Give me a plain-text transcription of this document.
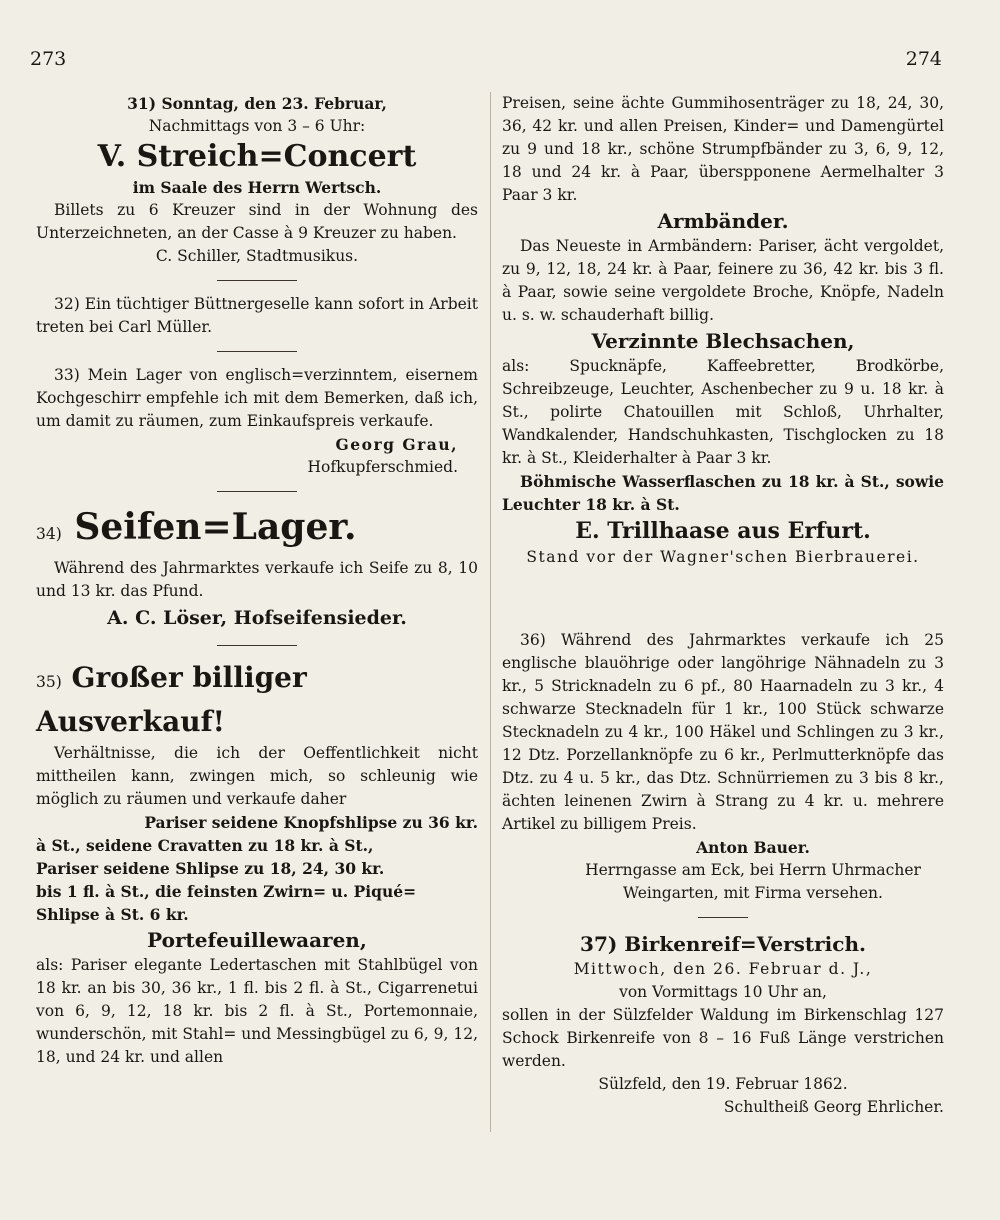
273	274

31) Sonntag, den 23. Februar,

Nachmittags von 3 – 6 Uhr:

V. Streich=Concert

im Saale des Herrn Wertsch.

Billets zu 6 Kreuzer sind in der Wohnung des Unterzeichneten, an der Casse à 9 Kreuzer zu haben.

C. Schiller, Stadtmusikus.

32) Ein tüchtiger Büttnergeselle kann sofort in Arbeit treten bei Carl Müller.

33) Mein Lager von englisch=verzinntem, eisernem Kochgeschirr empfehle ich mit dem Bemerken, daß ich, um damit zu räumen, zum Einkaufspreis verkaufe.

Georg Grau,

Hofkupferschmied.

34) Seifen=Lager.

Während des Jahrmarktes verkaufe ich Seife zu 8, 10 und 13 kr. das Pfund.

A. C. Löser, Hofseifensieder.

35) Großer billiger Ausverkauf!

Verhältnisse, die ich der Oeffentlichkeit nicht mittheilen kann, zwingen mich, so schleunig wie möglich zu räumen und verkaufe daher

Pariser seidene Knopfshlipse zu 36 kr.

à St., seidene Cravatten zu 18 kr. à St.,

Pariser seidene Shlipse zu 18, 24, 30 kr.

bis 1 fl. à St., die feinsten Zwirn= u. Piqué=

Shlipse à St. 6 kr.

Portefeuillewaaren,

als: Pariser elegante Ledertaschen mit Stahlbügel von 18 kr. an bis 30, 36 kr., 1 fl. bis 2 fl. à St., Cigarrenetui von 6, 9, 12, 18 kr. bis 2 fl. à St., Portemonnaie, wunderschön, mit Stahl= und Messingbügel zu 6, 9, 12, 18, und 24 kr. und allen

Preisen, seine ächte Gummihosenträger zu 18, 24, 30, 36, 42 kr. und allen Preisen, Kinder= und Damengürtel zu 9 und 18 kr., schöne Strumpfbänder zu 3, 6, 9, 12, 18 und 24 kr. à Paar, überspponene Aermelhalter 3 Paar 3 kr.

Armbänder.

Das Neueste in Armbändern: Pariser, ächt vergoldet, zu 9, 12, 18, 24 kr. à Paar, feinere zu 36, 42 kr. bis 3 fl. à Paar, sowie seine vergoldete Broche, Knöpfe, Nadeln u. s. w. schauderhaft billig.

Verzinnte Blechsachen,

als: Spucknäpfe, Kaffeebretter, Brodkörbe, Schreibzeuge, Leuchter, Aschenbecher zu 9 u. 18 kr. à St., polirte Chatouillen mit Schloß, Uhrhalter, Wandkalender, Handschuhkasten, Tischglocken zu 18 kr. à St., Kleiderhalter à Paar 3 kr.

Böhmische Wasserflaschen zu 18 kr. à St., sowie Leuchter 18 kr. à St.

E. Trillhaase aus Erfurt.

Stand vor der Wagner'schen Bierbrauerei.

36) Während des Jahrmarktes verkaufe ich 25 englische blauöhrige oder langöhrige Nähnadeln zu 3 kr., 5 Stricknadeln zu 6 pf., 80 Haarnadeln zu 3 kr., 4 schwarze Stecknadeln für 1 kr., 100 Stück schwarze Stecknadeln zu 4 kr., 100 Häkel und Schlingen zu 3 kr., 12 Dtz. Porzellanknöpfe zu 6 kr., Perlmutterknöpfe das Dtz. zu 4 u. 5 kr., das Dtz. Schnürriemen zu 3 bis 8 kr., ächten leinenen Zwirn à Strang zu 4 kr. u. mehrere Artikel zu billigem Preis.

Anton Bauer.

Herrngasse am Eck, bei Herrn Uhrmacher Weingarten, mit Firma versehen.

37) Birkenreif=Verstrich.

Mittwoch, den 26. Februar d. J.,

von Vormittags 10 Uhr an,

sollen in der Sülzfelder Waldung im Birkenschlag 127 Schock Birkenreife von 8 – 16 Fuß Länge verstrichen werden.

Sülzfeld, den 19. Februar 1862.

Schultheiß Georg Ehrlicher.
